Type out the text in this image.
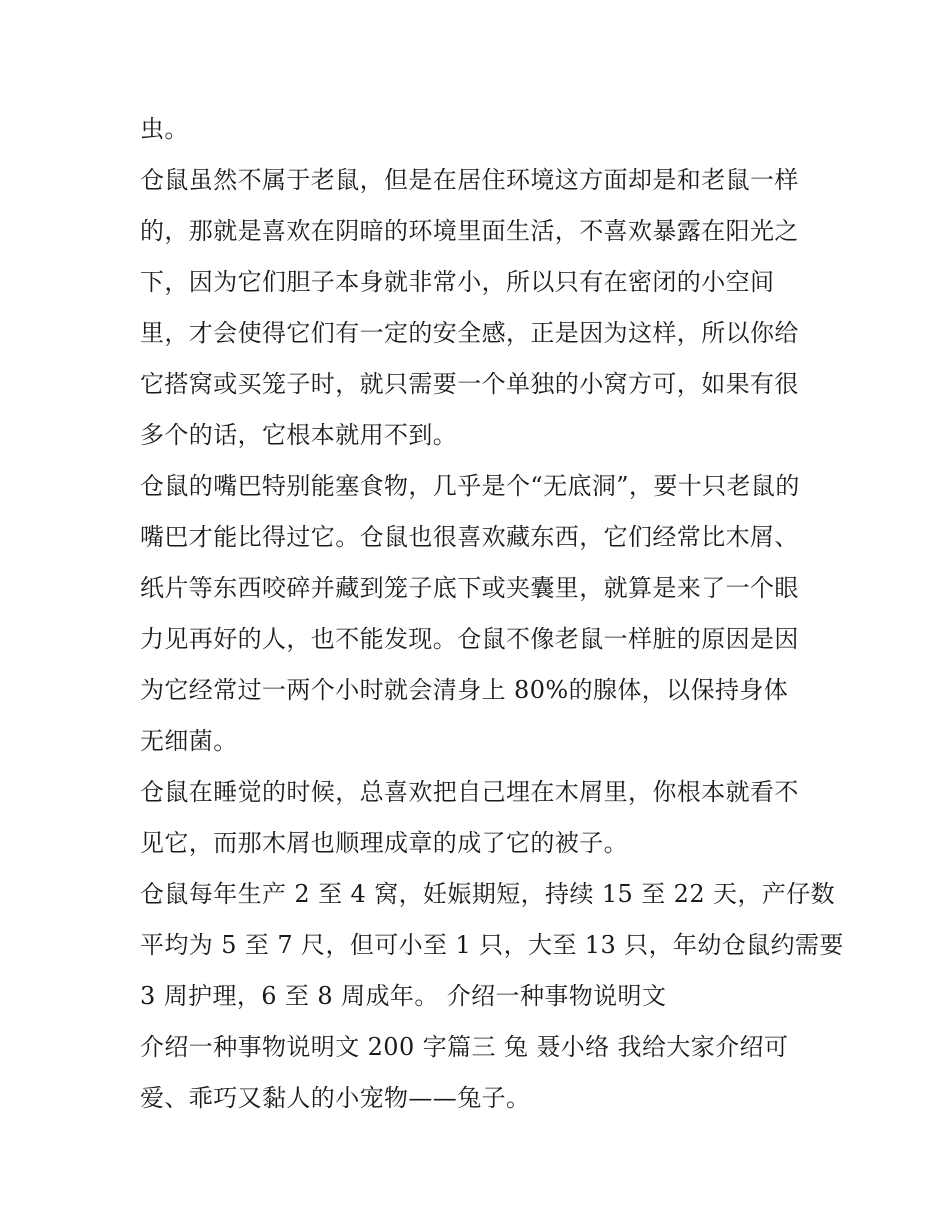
虫。
仓鼠虽然不属于老鼠，但是在居住环境这方面却是和老鼠一样
的，那就是喜欢在阴暗的环境里面生活，不喜欢暴露在阳光之
下，因为它们胆子本身就非常小，所以只有在密闭的小空间
里，才会使得它们有一定的安全感，正是因为这样，所以你给
它搭窝或买笼子时，就只需要一个单独的小窝方可，如果有很
多个的话，它根本就用不到。
仓鼠的嘴巴特别能塞食物，几乎是个“无底洞”，要十只老鼠的
嘴巴才能比得过它。仓鼠也很喜欢藏东西，它们经常比木屑、
纸片等东西咬碎并藏到笼子底下或夹囊里，就算是来了一个眼
力见再好的人，也不能发现。仓鼠不像老鼠一样脏的原因是因
为它经常过一两个小时就会清身上 80%的腺体，以保持身体
无细菌。
仓鼠在睡觉的时候，总喜欢把自己埋在木屑里，你根本就看不
见它，而那木屑也顺理成章的成了它的被子。
仓鼠每年生产 2 至 4 窝，妊娠期短，持续 15 至 22 天，产仔数
平均为 5 至 7 尺，但可小至 1 只，大至 13 只，年幼仓鼠约需要
3 周护理，6 至 8 周成年。 介绍一种事物说明文
介绍一种事物说明文 200 字篇三 兔 聂小络 我给大家介绍可
爱、乖巧又黏人的小宠物——兔子。
